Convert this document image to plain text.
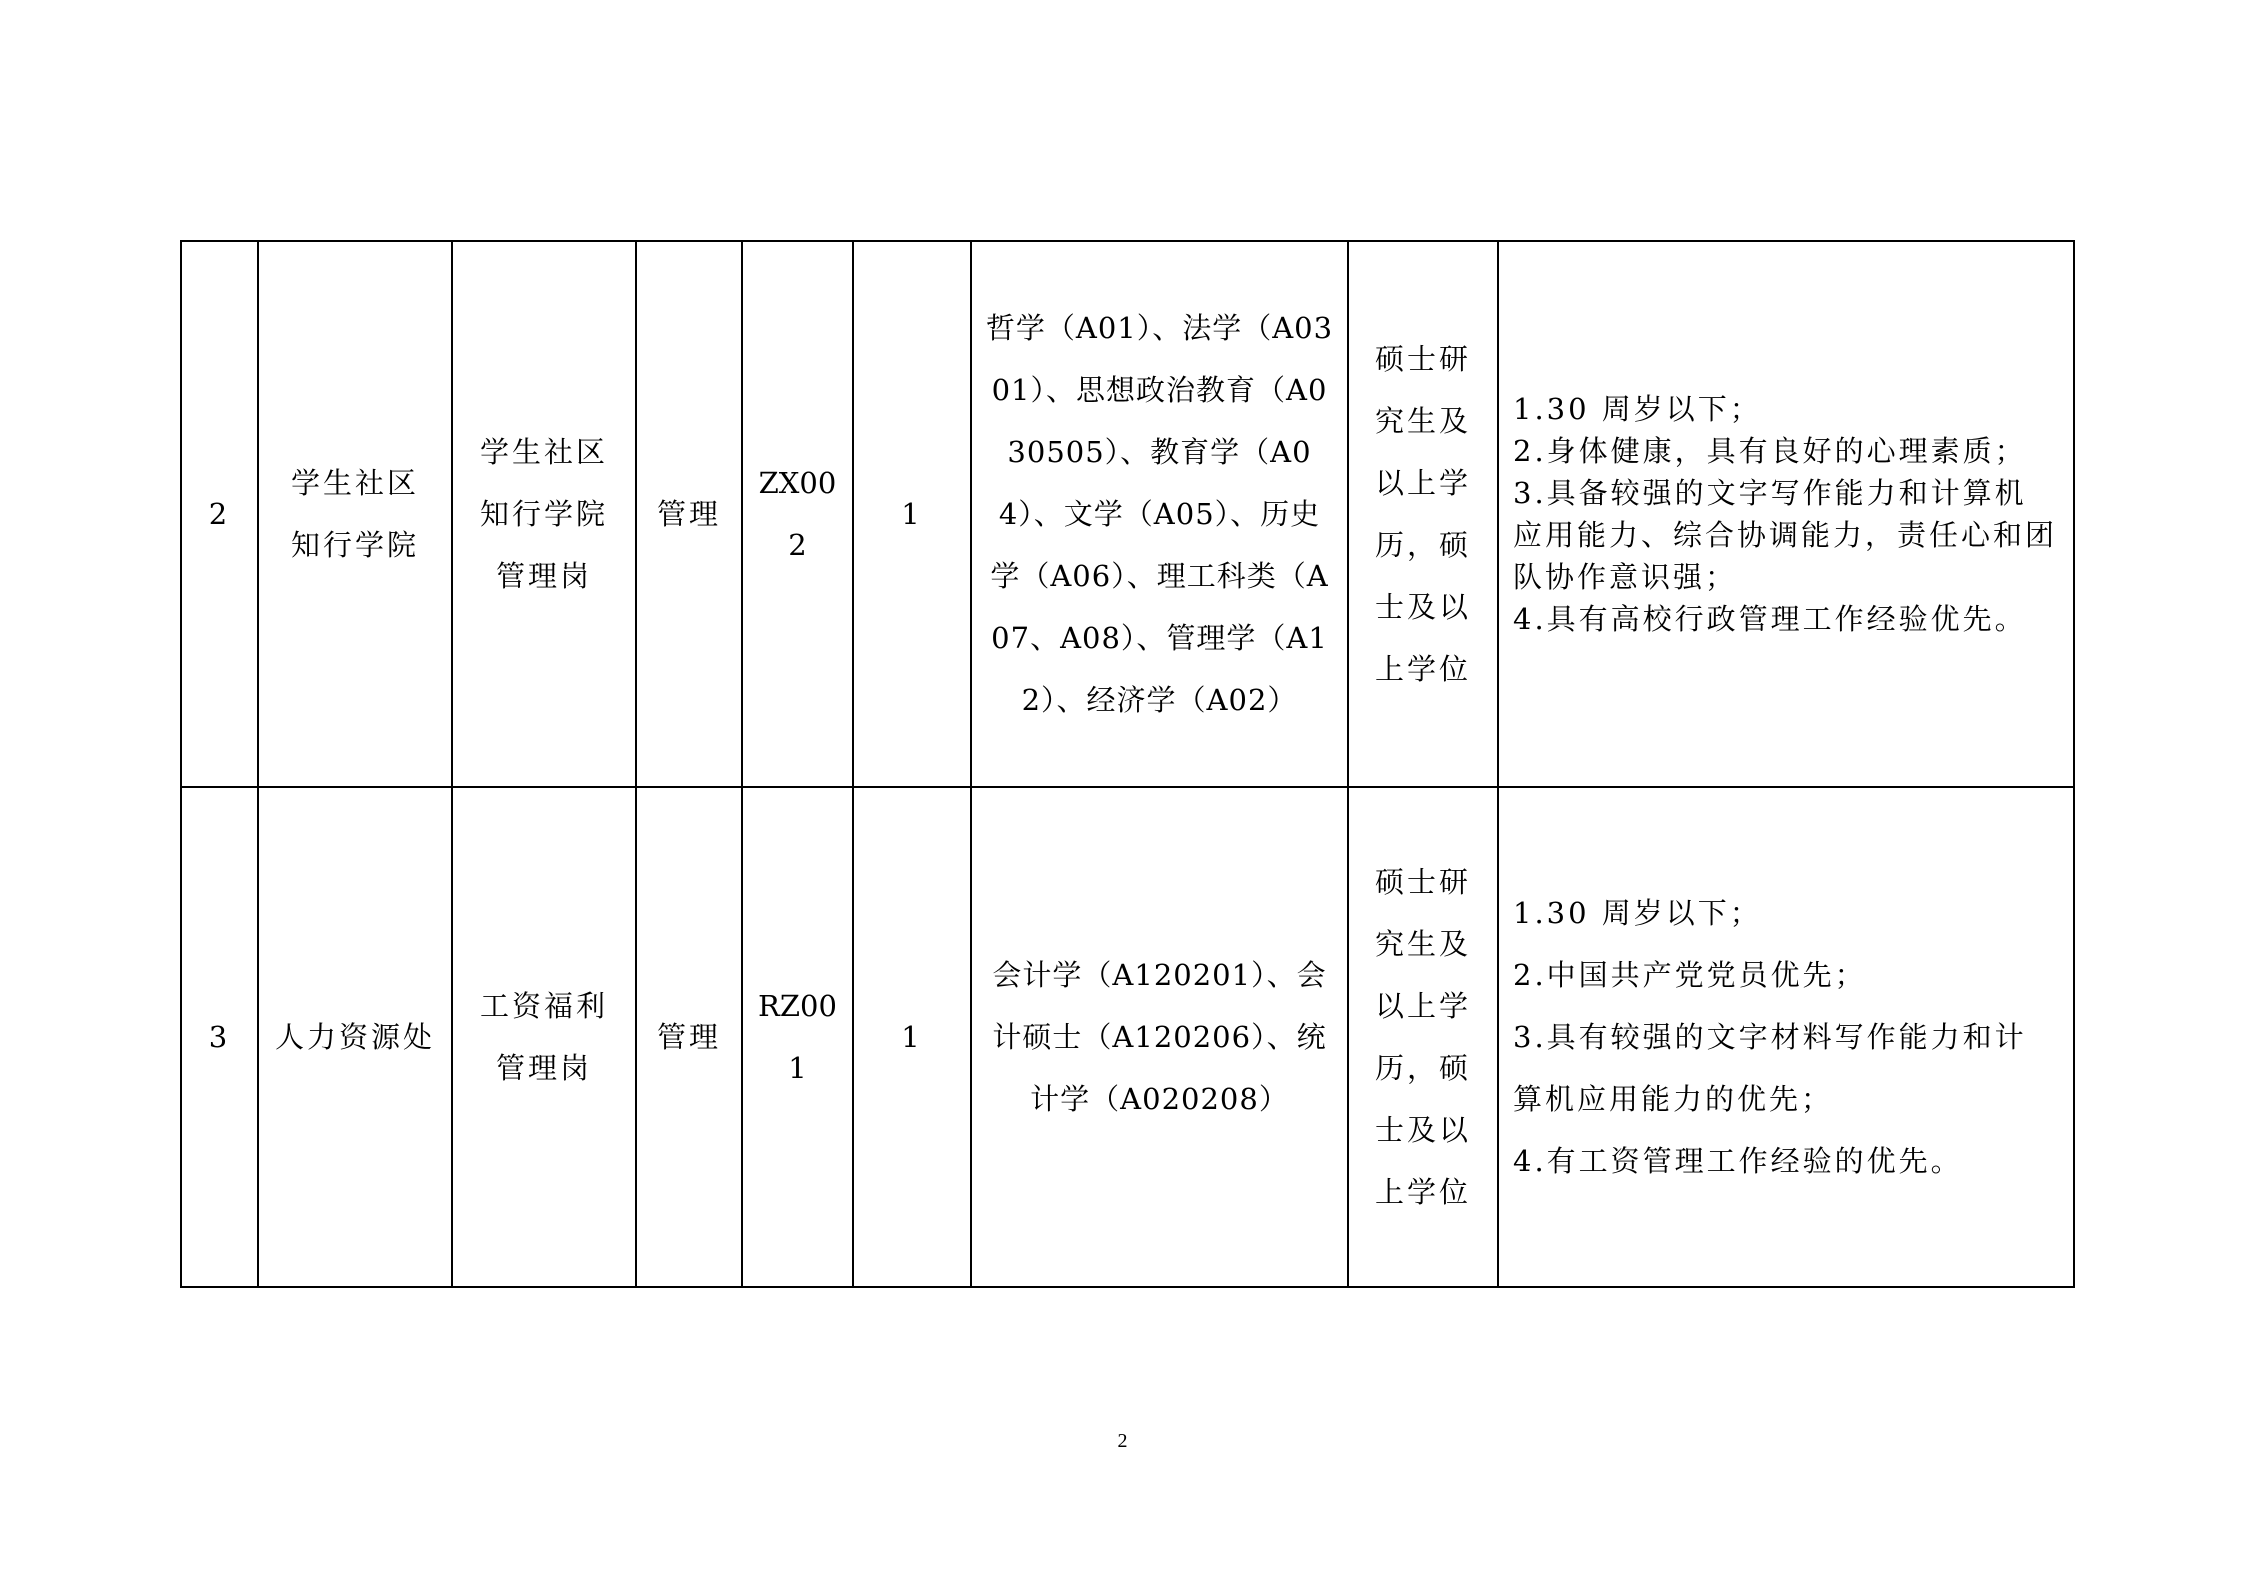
2	学生社区知行学院	学生社区知行学院管理岗	管理	ZX002	1	哲学（A01）、法学（A0301）、思想政治教育（A030505）、教育学（A04）、文学（A05）、历史学（A06）、理工科类（A07、A08）、管理学（A12）、经济学（A02）	硕士研究生及以上学历，硕士及以上学位	1.30 周岁以下；
2.身体健康，具有良好的心理素质；
3.具备较强的文字写作能力和计算机应用能力、综合协调能力，责任心和团队协作意识强；
4.具有高校行政管理工作经验优先。

3	人力资源处	工资福利管理岗	管理	RZ001	1	会计学（A120201）、会计硕士（A120206）、统计学（A020208）	硕士研究生及以上学历，硕士及以上学位	1.30 周岁以下；
2.中国共产党党员优先；
3.具有较强的文字材料写作能力和计算机应用能力的优先；
4.有工资管理工作经验的优先。
2
